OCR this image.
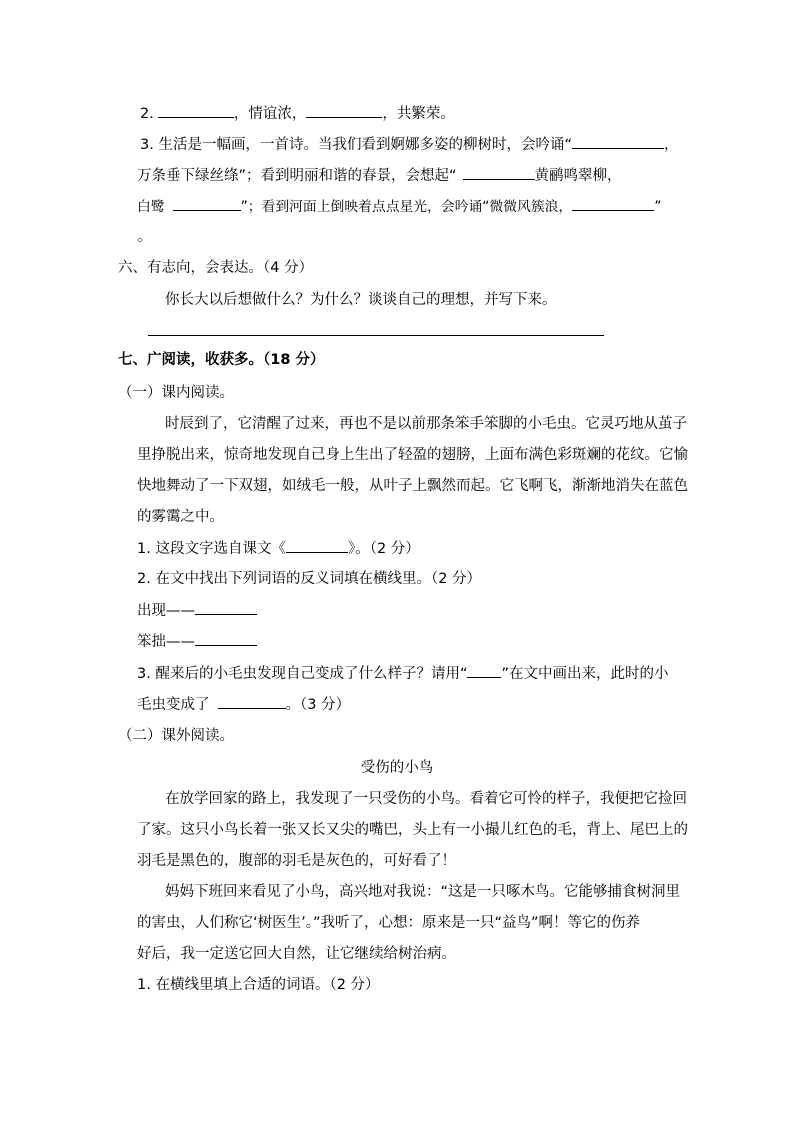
2.	，情谊浓，	，共繁荣。
3. 生活是一幅画，一首诗。当我们看到婀娜多姿的柳树时，会吟诵“	，
万条垂下绿丝绦”；看到明丽和谐的春景，会想起“	黄鹂鸣翠柳，
白鹭	”；看到河面上倒映着点点星光，会吟诵“微微风簇浪，	”
。
六、有志向，会表达。（4 分）
你长大以后想做什么？为什么？谈谈自己的理想，并写下来。
七、广阅读，收获多。（18 分）
（一）课内阅读。
时辰到了，它清醒了过来，再也不是以前那条笨手笨脚的小毛虫。它灵巧地从茧子
里挣脱出来，惊奇地发现自己身上生出了轻盈的翅膀，上面布满色彩斑斓的花纹。它愉
快地舞动了一下双翅，如绒毛一般，从叶子上飘然而起。它飞啊飞，渐渐地消失在蓝色
的雾霭之中。
1. 这段文字选自课文《	》。（2 分）
2. 在文中找出下列词语的反义词填在横线里。（2 分）
出现——
笨拙——
3. 醒来后的小毛虫发现自己变成了什么样子？请用“ ”在文中画出来，此时的小
毛虫变成了	。（3 分）
（二）课外阅读。
受伤的小鸟
在放学回家的路上，我发现了一只受伤的小鸟。看着它可怜的样子，我便把它捡回
了家。这只小鸟长着一张又长又尖的嘴巴，头上有一小撮儿红色的毛，背上、尾巴上的
羽毛是黑色的，腹部的羽毛是灰色的，可好看了！
妈妈下班回来看见了小鸟，高兴地对我说：“这是一只啄木鸟。它能够捕食树洞里
的害虫，人们称它‘树医生’。”我听了，心想：原来是一只“益鸟”啊！等它的伤养
好后，我一定送它回大自然，让它继续给树治病。
1. 在横线里填上合适的词语。（2 分）
